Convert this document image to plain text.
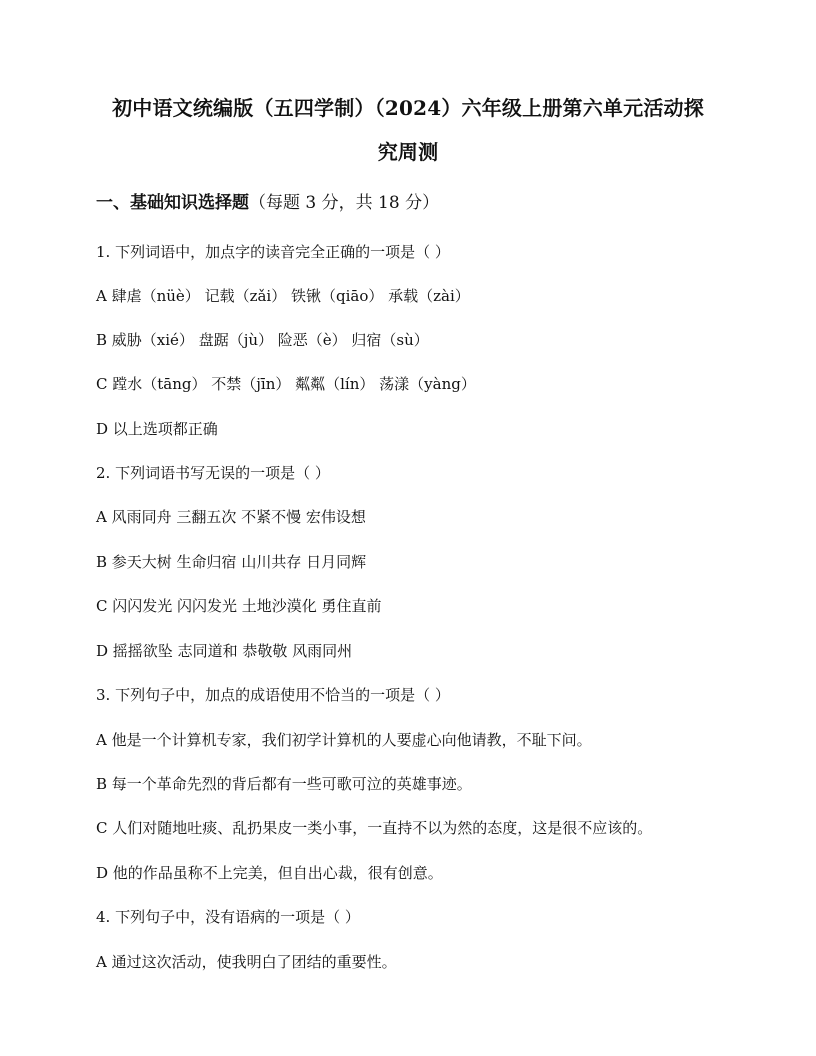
初中语文统编版（五四学制）（2024）六年级上册第六单元活动探
究周测
一、基础知识选择题（每题 3 分，共 18 分）
1. 下列词语中，加点字的读音完全正确的一项是（ ）
A 肆虐（nüè） 记载（zǎi） 铁锹（qiāo） 承载（zài）
B 威胁（xié） 盘踞（jù） 险恶（è） 归宿（sù）
C 蹚水（tāng） 不禁（jīn） 粼粼（lín） 荡漾（yàng）
D 以上选项都正确
2. 下列词语书写无误的一项是（ ）
A 风雨同舟 三翻五次 不紧不慢 宏伟设想
B 参天大树 生命归宿 山川共存 日月同辉
C 闪闪发光 闪闪发光 土地沙漠化 勇住直前
D 摇摇欲坠 志同道和 恭敬敬 风雨同州
3. 下列句子中，加点的成语使用不恰当的一项是（ ）
A 他是一个计算机专家，我们初学计算机的人要虚心向他请教，不耻下问。
B 每一个革命先烈的背后都有一些可歌可泣的英雄事迹。
C 人们对随地吐痰、乱扔果皮一类小事，一直持不以为然的态度，这是很不应该的。
D 他的作品虽称不上完美，但自出心裁，很有创意。
4. 下列句子中，没有语病的一项是（ ）
A 通过这次活动，使我明白了团结的重要性。
